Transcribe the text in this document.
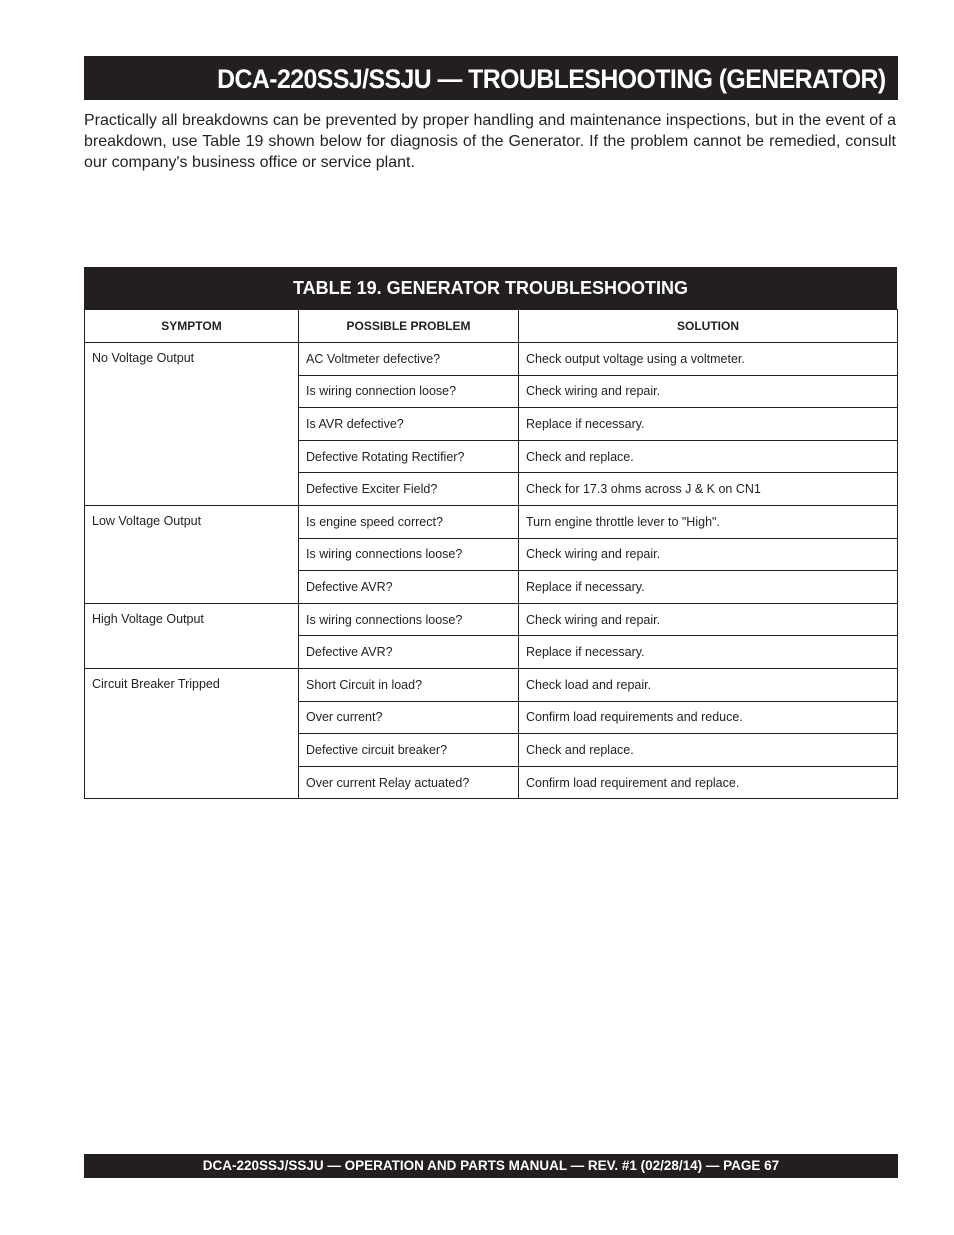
DCA-220SSJ/SSJU — TROUBLESHOOTING (GENERATOR)

Practically all breakdowns can be prevented by proper handling and maintenance inspections, but in the event of a breakdown, use Table 19 shown below for diagnosis of the Generator. If the problem cannot be remedied, consult our company's business office or service plant.

TABLE 19. GENERATOR TROUBLESHOOTING
SYMPTOM	POSSIBLE PROBLEM	SOLUTION
No Voltage Output	AC Voltmeter defective?	Check output voltage using a voltmeter.
	Is wiring connection loose?	Check wiring and repair.
	Is AVR defective?	Replace if necessary.
	Defective Rotating Rectifier?	Check and replace.
	Defective Exciter Field?	Check for 17.3 ohms across J & K on CN1
Low Voltage Output	Is engine speed correct?	Turn engine throttle lever to "High".
	Is wiring connections loose?	Check wiring and repair.
	Defective AVR?	Replace if necessary.
High Voltage Output	Is wiring connections loose?	Check wiring and repair.
	Defective AVR?	Replace if necessary.
Circuit Breaker Tripped	Short Circuit in load?	Check load and repair.
	Over current?	Confirm load requirements and reduce.
	Defective circuit breaker?	Check and replace.
	Over current Relay actuated?	Confirm load requirement and replace.
DCA-220SSJ/SSJU — OPERATION AND PARTS MANUAL — REV. #1 (02/28/14) — PAGE 67
